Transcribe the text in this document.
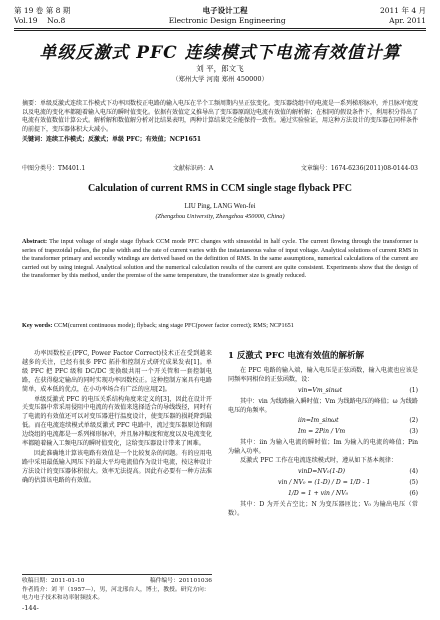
第 19 卷 第 8 期	电子设计工程	2011 年 4 月
Vol.19 No.8	Electronic Design Engineering	Apr. 2011
单级反激式 PFC 连续模式下电流有效值计算
刘 平，郎文飞
（郑州大学 河南 郑州 450000）
摘要：单级反激式连续工作模式下功率因数校正电路的输入电压在半个工频周期内呈正弦变化。变压器绕组中的电流是一系列梯形脉冲，并且脉冲宽度以及电流的变化率都随着输入电压的瞬时值变化。依据有效值定义推导出了变压器原副边电流有效值的解析解；在相同的假设条件下，利用积分得出了电流有效值数值计算公式。解析解和数值解分析对比结果表明，两种计算结果完全能保持一致性。通过实验验证，用这种方法设计的变压器在同样条件的前提下，变压器体积大大减小。
关键词：连续工作模式；反激式；单级 PFC；有效值；NCP1651
中图分类号：TM401.1	文献标识码：A	文章编号：1674-6236(2011)08-0144-03
Calculation of current RMS in CCM single stage flyback PFC
LIU Ping, LANG Wen-fei
(Zhengzhou University, Zhengzhou 450000, China)
Abstract: The input voltage of single stage flyback CCM mode PFC changes with sinusoidal in half cycle. The current flowing through the transformer is series of trapezoidal pulses, the pulse width and the rate of current varies with the instantaneous value of input voltage. Analytical solutions of current RMS in the transformer primary and secondly windings are derived based on the definition of RMS. In the same assumptions, numerical calculations of the current are carried out by using integral. Analytical solution and the numerical calculation results of the current are quite consistent. Experiments show that the design of the transformer by this method, under the premise of the same temperature, the transformer size is greatly reduced.
Key words: CCM(current continuous mode); flyback; sing stage PFC(power factor correct); RMS; NCP1651

功率因数校正(PFC, Power Factor Correct)技术正在受到越来越多的关注，已经有很多 PFC 拓扑和控制方式研究成果发表[1]。单级 PFC 把 PFC 级和 DC/DC 变换级共用一个开关管和一套控制电路，在获得稳定输出的同时实现功率因数校正。这种控制方案具有电路简单，成本低的优点，在小功率场合有广泛的应用[2]。

单级反激式 PFC 的电压关系结构角度来定义的[3]，因此在设计开关变压器中常采用侵阻中电流的有效值来选择适合的导线线径，同时有了电流的有效值还可以对变压器进行温度设计，使变压器的损耗降到最低。而在电流连续模式单级反激式 PFC 电路中，流过变压器原边和副边绕组的电流都是一系列梯形脉冲，并且脉冲幅度和宽度以及电流变化率都随着输入工频电压的瞬时值变化，这给变压器设计带来了困难。

因此准确地计算该电路有效值是一个比较复杂的问题。有的应用电路中采用最低输入网压下的最大平均电流值作为设计电流，按这种设计方法设计的变压器体积很大。效率无法提高。因此有必要有一种方法准确的估算该电路的有效值。

收稿日期：2011-01-10	稿件编号：201101036
作者简介：刘 平（1957—），男，河北邢台人，博士，教授。研究方向：电力电子技术和功率射频技术。
-144-
1 反激式 PFC 电流有效值的解析解

在 PFC 电路的输入端，输入电压是正弦函数，输入电流也应该是同频率同相位的正弦函数，设：

vin=Vm_sinωt	(1)

其中：vin 为线路输入瞬时值；Vm 为线路电压的峰值；ω 为线路电压的角频率。

iin=Im_sinωt	(2)
Im = 2Pin / Vm	(3)

其中：iin 为输入电流的瞬时值；Im 为输入的电流的峰值；Pin 为输入功率。

反激式 PFC 工作在电流连续模式时，遵从如下基本规律：

vinD=NV₀(1-D)	(4)
vin / NV₀ = (1-D) / D = 1/D - 1	(5)
1/D = 1 + vin / NV₀	(6)

其中：D 为开关占空比；N 为变压器匝比；V₀ 为输出电压（常数）。
